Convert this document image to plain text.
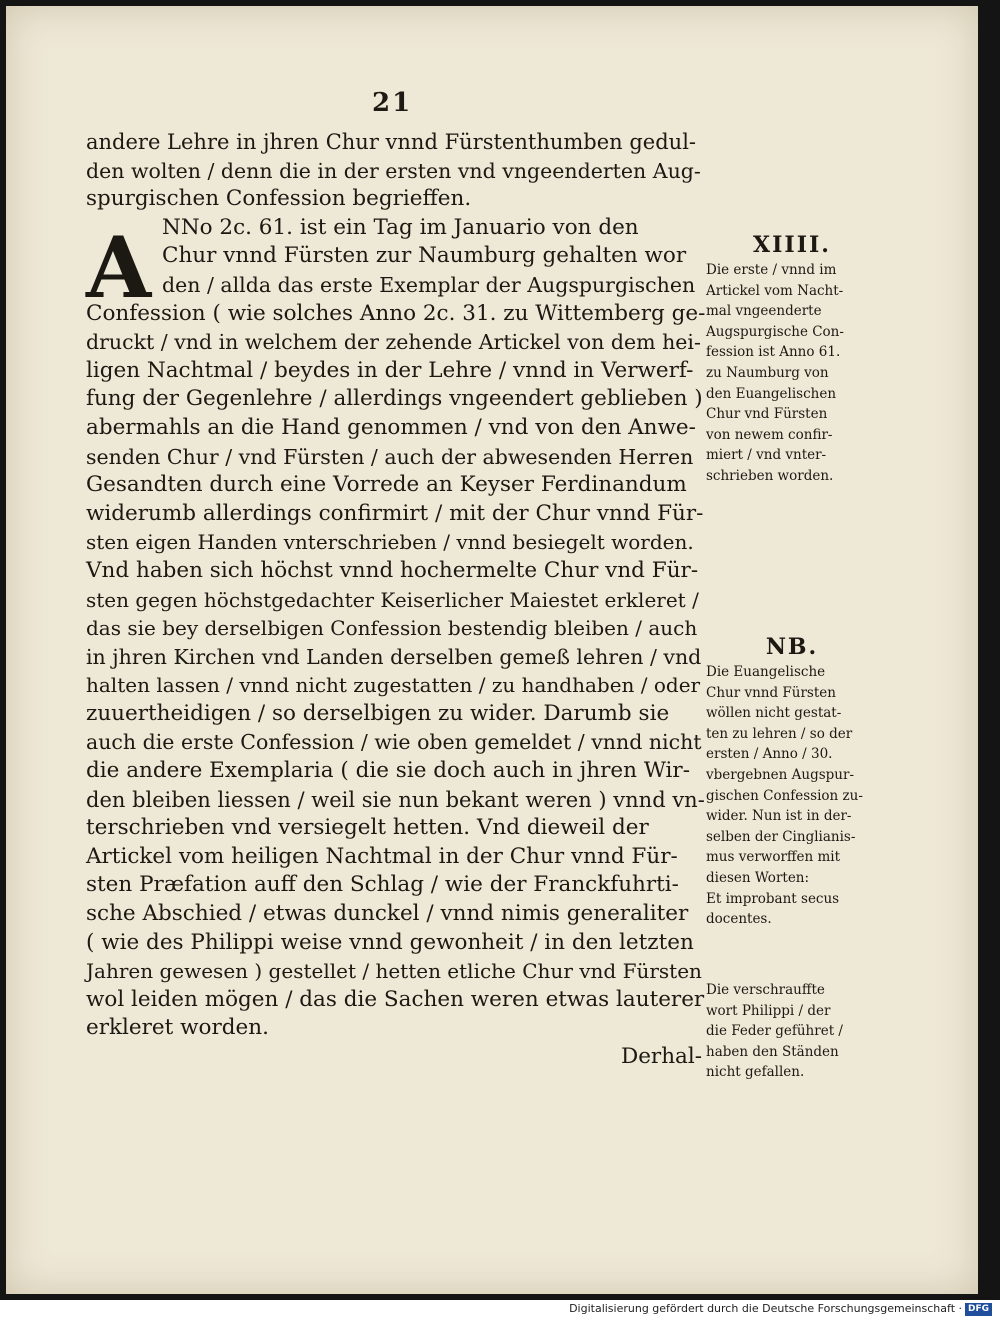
21
A
andere Lehre in jhren Chur vnnd Fürstenthumben gedul-
den wolten / denn die in der ersten vnd vngeenderten Aug-
spurgischen Confession begrieffen.
NNo 2c. 61. ist ein Tag im Januario von den
Chur vnnd Fürsten zur Naumburg gehalten wor
den / allda das erste Exemplar der Augspurgischen
Confession ( wie solches Anno 2c. 31. zu Wittemberg ge-
druckt / vnd in welchem der zehende Artickel von dem hei-
ligen Nachtmal / beydes in der Lehre / vnnd in Verwerf-
fung der Gegenlehre / allerdings vngeendert geblieben )
abermahls an die Hand genommen / vnd von den Anwe-
senden Chur / vnd Fürsten / auch der abwesenden Herren
Gesandten durch eine Vorrede an Keyser Ferdinandum
widerumb allerdings confirmirt / mit der Chur vnnd Für-
sten eigen Handen vnterschrieben / vnnd besiegelt worden.
Vnd haben sich höchst vnnd hochermelte Chur vnd Für-
sten gegen höchstgedachter Keiserlicher Maiestet erkleret /
das sie bey derselbigen Confession bestendig bleiben / auch
in jhren Kirchen vnd Landen derselben gemeß lehren / vnd
halten lassen / vnnd nicht zugestatten / zu handhaben / oder
zuuertheidigen / so derselbigen zu wider. Darumb sie
auch die erste Confession / wie oben gemeldet / vnnd nicht
die andere Exemplaria ( die sie doch auch in jhren Wir-
den bleiben liessen / weil sie nun bekant weren ) vnnd vn-
terschrieben vnd versiegelt hetten. Vnd dieweil der
Artickel vom heiligen Nachtmal in der Chur vnnd Für-
sten Præfation auff den Schlag / wie der Franckfuhrti-
sche Abschied / etwas dunckel / vnnd nimis generaliter
( wie des Philippi weise vnnd gewonheit / in den letzten
Jahren gewesen ) gestellet / hetten etliche Chur vnd Fürsten
wol leiden mögen / das die Sachen weren etwas lauterer
erkleret worden.
Derhal-
XIIII.
Die erste / vnnd im
Artickel vom Nacht-
mal vngeenderte
Augspurgische Con-
fession ist Anno 61.
zu Naumburg von
den Euangelischen
Chur vnd Fürsten
von newem confir-
miert / vnd vnter-
schrieben worden.
NB.
Die Euangelische
Chur vnnd Fürsten
wöllen nicht gestat-
ten zu lehren / so der
ersten / Anno / 30.
vbergebnen Augspur-
gischen Confession zu-
wider. Nun ist in der-
selben der Cinglianis-
mus verworffen mit
diesen Worten:
Et improbant secus
docentes.
Die verschrauffte
wort Philippi / der
die Feder geführet /
haben den Ständen
nicht gefallen.
Digitalisierung gefördert durch die Deutsche Forschungsgemeinschaft · DFG
